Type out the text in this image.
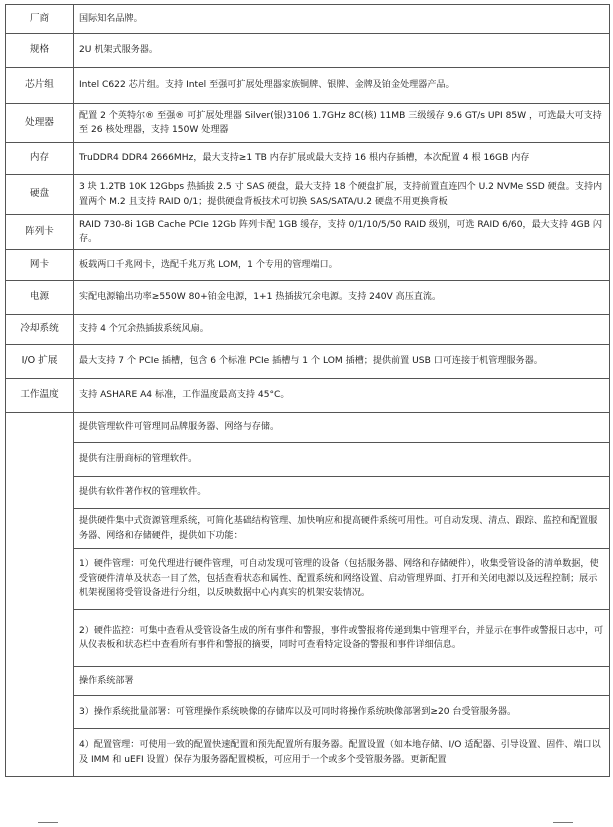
厂商	国际知名品牌。
规格	2U 机架式服务器。
芯片组	Intel C622 芯片组。支持 Intel 至强可扩展处理器家族铜牌、银牌、金牌及铂金处理器产品。
处理器	配置 2 个英特尔® 至强® 可扩展处理器 Silver(银)3106 1.7GHz 8C(核) 11MB 三级缓存 9.6 GT/s UPI 85W ，可选最大可支持至 26 核处理器，支持 150W 处理器
内存	TruDDR4 DDR4 2666MHz，最大支持≥1 TB 内存扩展或最大支持 16 根内存插槽，本次配置 4 根 16GB 内存
硬盘	3 块 1.2TB 10K 12Gbps 热插拔 2.5 寸 SAS 硬盘，最大支持 18 个硬盘扩展，支持前置直连四个 U.2 NVMe SSD 硬盘。支持内置两个 M.2 且支持 RAID 0/1；提供硬盘背板技术可切换 SAS/SATA/U.2 硬盘不用更换背板
阵列卡	RAID 730-8i 1GB Cache PCIe 12Gb 阵列卡配 1GB 缓存，支持 0/1/10/5/50 RAID 级别，可选 RAID 6/60，最大支持 4GB 闪存。
网卡	板载两口千兆网卡，选配千兆万兆 LOM，1 个专用的管理端口。
电源	实配电源输出功率≥550W 80+铂金电源，1+1 热插拔冗余电源。支持 240V 高压直流。
冷却系统	支持 4 个冗余热插拔系统风扇。
I/O 扩展	最大支持 7 个 PCIe 插槽，包含 6 个标准 PCIe 插槽与 1 个 LOM 插槽；提供前置 USB 口可连接于机管理服务器。
工作温度	支持 ASHARE A4 标准，工作温度最高支持 45°C。
	提供管理软件可管理同品牌服务器、网络与存储。
	提供有注册商标的管理软件。
	提供有软件著作权的管理软件。
	提供硬件集中式资源管理系统，可简化基础结构管理、加快响应和提高硬件系统可用性。可自动发现、清点、跟踪、监控和配置服务器、网络和存储硬件，提供如下功能：
	1）硬件管理：可免代理进行硬件管理，可自动发现可管理的设备（包括服务器、网络和存储硬件），收集受管设备的清单数据，使受管硬件清单及状态一目了然，包括查看状态和属性、配置系统和网络设置、启动管理界面、打开和关闭电源以及远程控制；展示机架视图将受管设备进行分组，以反映数据中心内真实的机架安装情况。
	2）硬件监控：可集中查看从受管设备生成的所有事件和警报，事件或警报将传递到集中管理平台，并显示在事件或警报日志中，可从仪表板和状态栏中查看所有事件和警报的摘要，同时可查看特定设备的警报和事件详细信息。
	操作系统部署
	3）操作系统批量部署：可管理操作系统映像的存储库以及可同时将操作系统映像部署到≥20 台受管服务器。
	4）配置管理：可使用一致的配置快速配置和预先配置所有服务器。配置设置（如本地存储、I/O 适配器、引导设置、固件、端口以及 IMM 和 uEFI 设置）保存为服务器配置模板，可应用于一个或多个受管服务器。更新配置
